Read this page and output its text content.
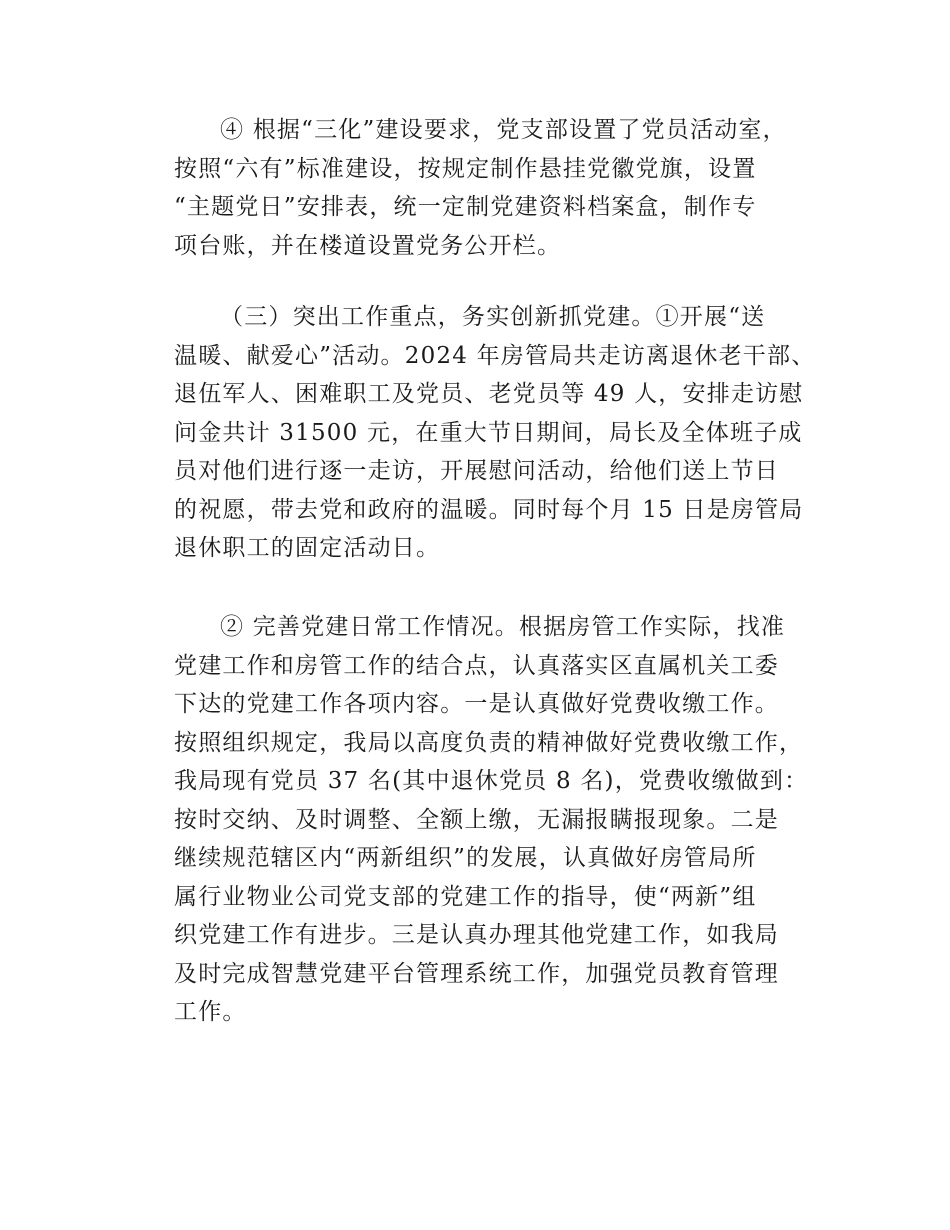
④ 根据“三化”建设要求，党支部设置了党员活动室，
按照“六有”标准建设，按规定制作悬挂党徽党旗，设置
“主题党日”安排表，统一定制党建资料档案盒，制作专
项台账，并在楼道设置党务公开栏。
（三）突出工作重点，务实创新抓党建。①开展“送
温暖、献爱心”活动。2024 年房管局共走访离退休老干部、
退伍军人、困难职工及党员、老党员等 49 人，安排走访慰
问金共计 31500 元，在重大节日期间，局长及全体班子成
员对他们进行逐一走访，开展慰问活动，给他们送上节日
的祝愿，带去党和政府的温暖。同时每个月 15 日是房管局
退休职工的固定活动日。
② 完善党建日常工作情况。根据房管工作实际，找准
党建工作和房管工作的结合点，认真落实区直属机关工委
下达的党建工作各项内容。一是认真做好党费收缴工作。
按照组织规定，我局以高度负责的精神做好党费收缴工作，
我局现有党员 37 名(其中退休党员 8 名)，党费收缴做到：
按时交纳、及时调整、全额上缴，无漏报瞒报现象。二是
继续规范辖区内“两新组织”的发展，认真做好房管局所
属行业物业公司党支部的党建工作的指导，使“两新”组
织党建工作有进步。三是认真办理其他党建工作，如我局
及时完成智慧党建平台管理系统工作，加强党员教育管理
工作。
